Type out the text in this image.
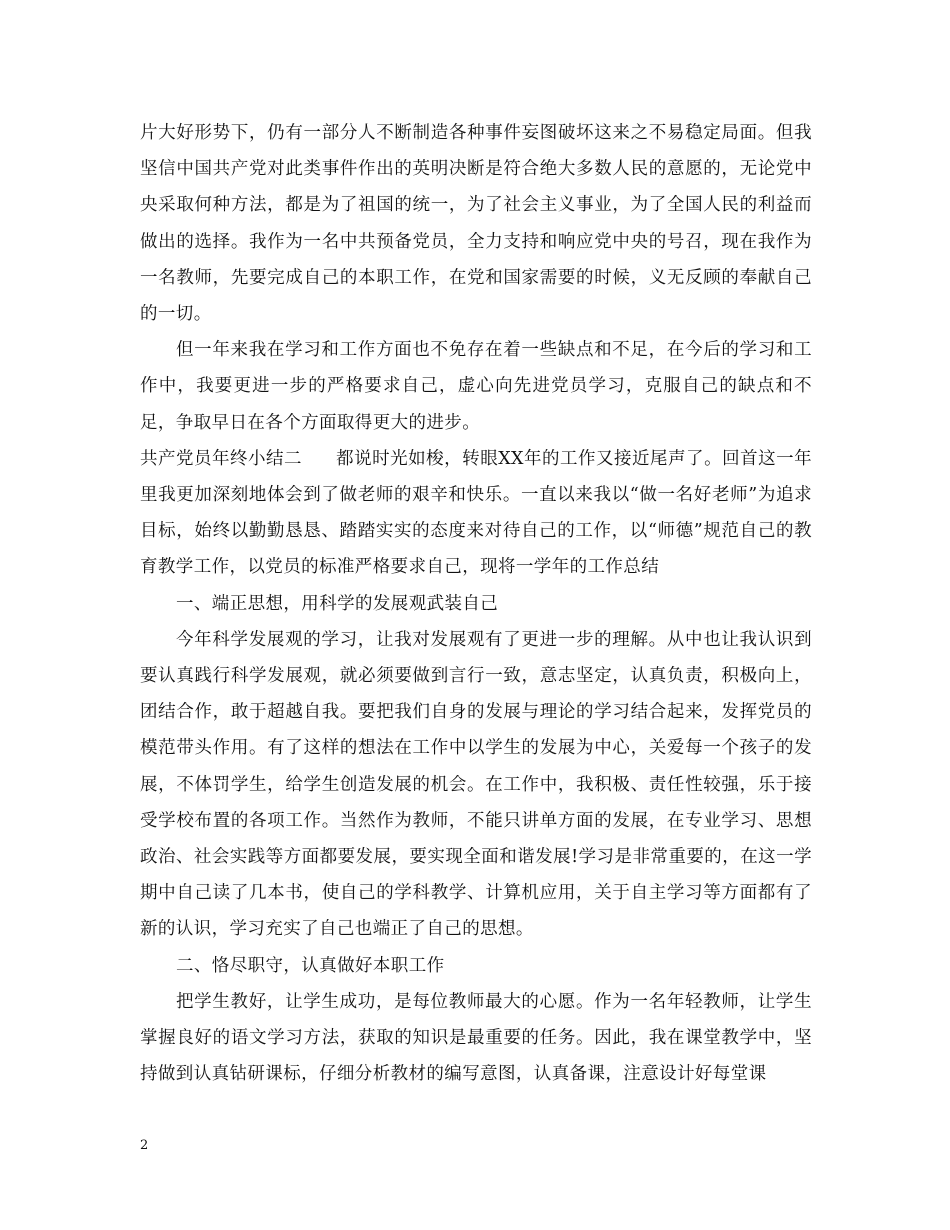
片大好形势下，仍有一部分人不断制造各种事件妄图破坏这来之不易稳定局面。但我坚信中国共产党对此类事件作出的英明决断是符合绝大多数人民的意愿的，无论党中央采取何种方法，都是为了祖国的统一，为了社会主义事业，为了全国人民的利益而做出的选择。我作为一名中共预备党员，全力支持和响应党中央的号召，现在我作为一名教师，先要完成自己的本职工作，在党和国家需要的时候，义无反顾的奉献自己的一切。

但一年来我在学习和工作方面也不免存在着一些缺点和不足，在今后的学习和工作中，我要更进一步的严格要求自己，虚心向先进党员学习，克服自己的缺点和不足，争取早日在各个方面取得更大的进步。

共产党员年终小结二 都说时光如梭，转眼XX年的工作又接近尾声了。回首这一年里我更加深刻地体会到了做老师的艰辛和快乐。一直以来我以“做一名好老师”为追求目标，始终以勤勤恳恳、踏踏实实的态度来对待自己的工作，以“师德”规范自己的教育教学工作，以党员的标准严格要求自己，现将一学年的工作总结

一、端正思想，用科学的发展观武装自己

今年科学发展观的学习，让我对发展观有了更进一步的理解。从中也让我认识到要认真践行科学发展观，就必须要做到言行一致，意志坚定，认真负责，积极向上，团结合作，敢于超越自我。要把我们自身的发展与理论的学习结合起来，发挥党员的模范带头作用。有了这样的想法在工作中以学生的发展为中心，关爱每一个孩子的发展，不体罚学生，给学生创造发展的机会。在工作中，我积极、责任性较强，乐于接受学校布置的各项工作。当然作为教师，不能只讲单方面的发展，在专业学习、思想政治、社会实践等方面都要发展，要实现全面和谐发展!学习是非常重要的，在这一学期中自己读了几本书，使自己的学科教学、计算机应用，关于自主学习等方面都有了新的认识，学习充实了自己也端正了自己的思想。

二、恪尽职守，认真做好本职工作

把学生教好，让学生成功，是每位教师最大的心愿。作为一名年轻教师，让学生掌握良好的语文学习方法，获取的知识是最重要的任务。因此，我在课堂教学中，坚持做到认真钻研课标，仔细分析教材的编写意图，认真备课，注意设计好每堂课

2
